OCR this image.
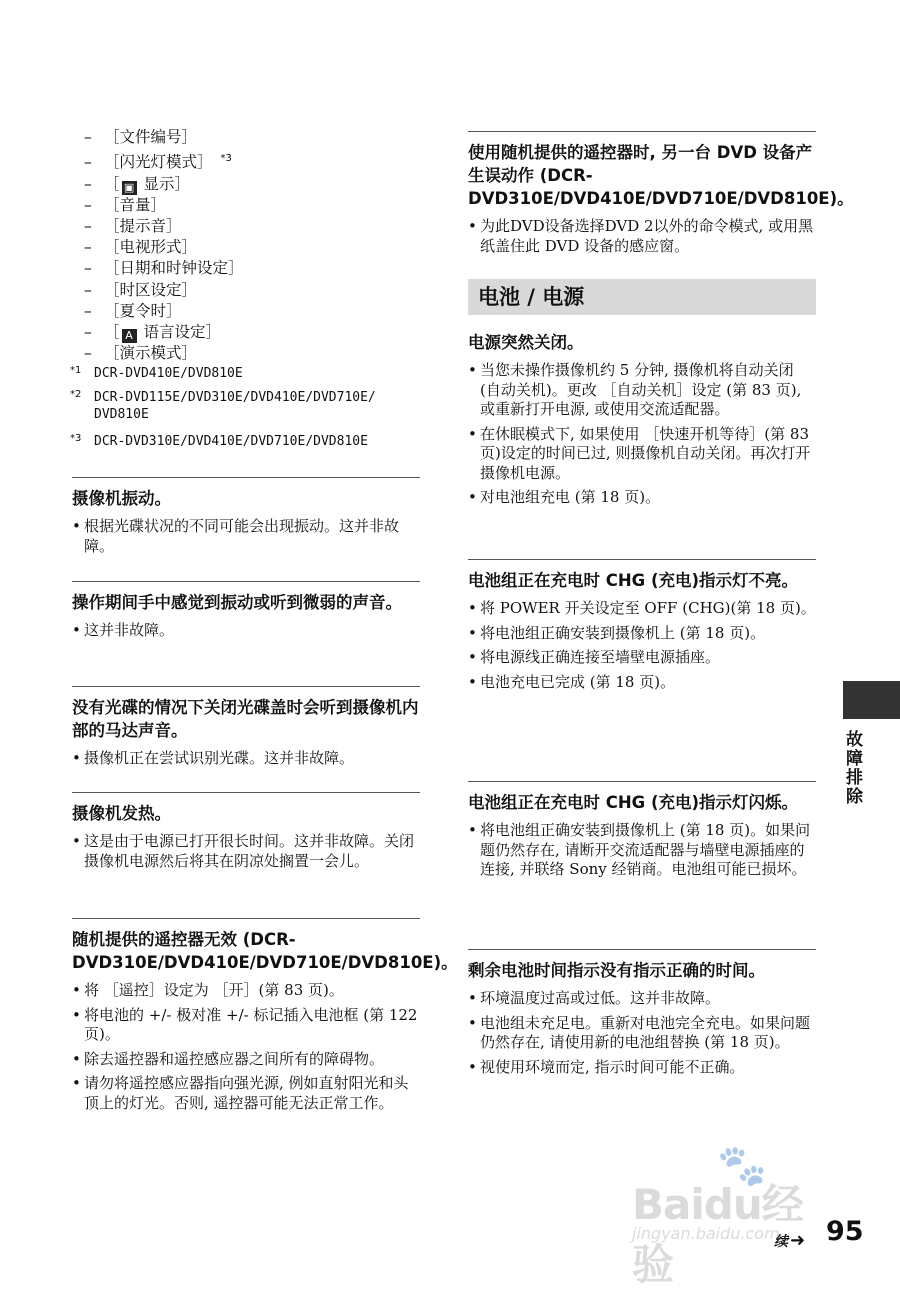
– ［文件编号］
– ［闪光灯模式］ $^{*3}$
– ［ ▣ 显示］
– ［音量］
– ［提示音］
– ［电视形式］
– ［日期和时钟设定］
– ［时区设定］
– ［夏令时］
– ［ A 语言设定］
– ［演示模式］
*1 DCR-DVD410E/DVD810E
*2 DCR-DVD115E/DVD310E/DVD410E/DVD710E/ DVD810E
*3 DCR-DVD310E/DVD410E/DVD710E/DVD810E
摄像机振动。
• 根据光碟状况的不同可能会出现振动。这并非故障。
操作期间手中感觉到振动或听到微弱的声音。
• 这并非故障。
没有光碟的情况下关闭光碟盖时会听到摄像机内部的马达声音。
• 摄像机正在尝试识别光碟。这并非故障。
摄像机发热。
• 这是由于电源已打开很长时间。这并非故障。关闭摄像机电源然后将其在阴凉处搁置一会儿。
随机提供的遥控器无效 (DCR-DVD310E/DVD410E/DVD710E/DVD810E)。
• 将 ［遥控］设定为 ［开］(第 83 页)。
• 将电池的 +/- 极对准 +/- 标记插入电池框 (第 122 页)。
• 除去遥控器和遥控感应器之间所有的障碍物。
• 请勿将遥控感应器指向强光源, 例如直射阳光和头顶上的灯光。否则, 遥控器可能无法正常工作。
使用随机提供的遥控器时, 另一台 DVD 设备产生误动作 (DCR-DVD310E/DVD410E/DVD710E/DVD810E)。
• 为此DVD设备选择DVD 2以外的命令模式, 或用黑纸盖住此 DVD 设备的感应窗。
电池 / 电源
电源突然关闭。
• 当您未操作摄像机约 5 分钟, 摄像机将自动关闭 (自动关机)。更改 ［自动关机］设定 (第 83 页), 或重新打开电源, 或使用交流适配器。
• 在休眠模式下, 如果使用 ［快速开机等待］(第 83 页)设定的时间已过, 则摄像机自动关闭。再次打开摄像机电源。
• 对电池组充电 (第 18 页)。
电池组正在充电时 CHG (充电)指示灯不亮。
• 将 POWER 开关设定至 OFF (CHG)(第 18 页)。
• 将电池组正确安装到摄像机上 (第 18 页)。
• 将电源线正确连接至墙壁电源插座。
• 电池充电已完成 (第 18 页)。
电池组正在充电时 CHG (充电)指示灯闪烁。
• 将电池组正确安装到摄像机上 (第 18 页)。如果问题仍然存在, 请断开交流适配器与墙壁电源插座的连接, 并联络 Sony 经销商。电池组可能已损坏。
剩余电池时间指示没有指示正确的时间。
• 环境温度过高或过低。这并非故障。
• 电池组未充足电。重新对电池完全充电。如果问题仍然存在, 请使用新的电池组替换 (第 18 页)。
• 视使用环境而定, 指示时间可能不正确。
故障排除
🐾
Baidu经验
jingyan.baidu.com
续 ➜ 95
